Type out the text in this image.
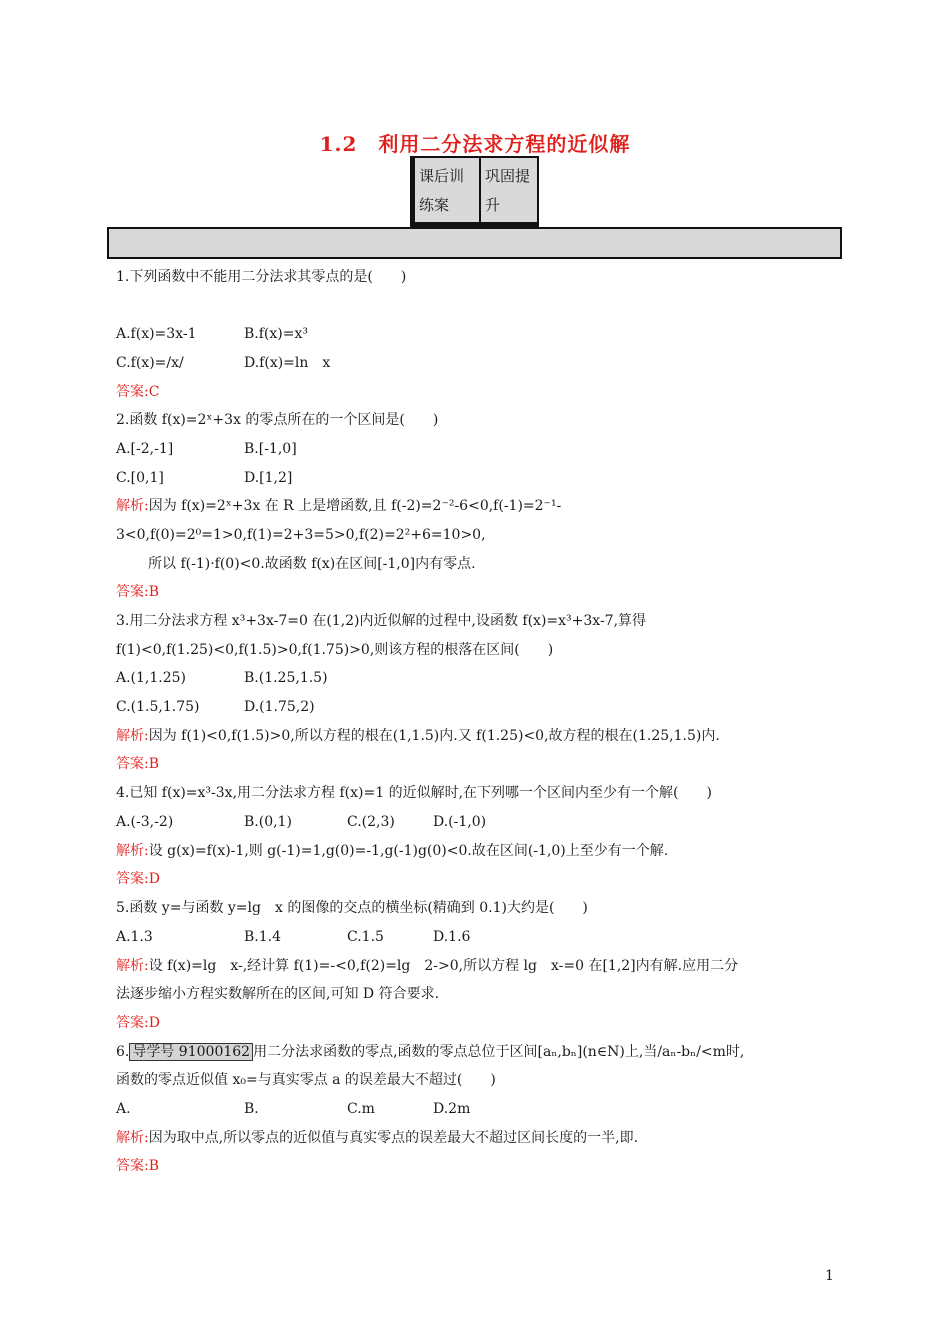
1.2　利用二分法求方程的近似解
课后训
练案
巩固提
升
1.下列函数中不能用二分法求其零点的是(　　)
A.f(x)=3x-1	B.f(x)=x³
C.f(x)=/x/	D.f(x)=ln　x
答案:C
2.函数 f(x)=2ˣ+3x 的零点所在的一个区间是(　　)
A.[-2,-1]	B.[-1,0]
C.[0,1]	D.[1,2]
解析:因为 f(x)=2ˣ+3x 在 R 上是增函数,且 f(-2)=2⁻²-6<0,f(-1)=2⁻¹-
3<0,f(0)=2⁰=1>0,f(1)=2+3=5>0,f(2)=2²+6=10>0,
所以 f(-1)·f(0)<0.故函数 f(x)在区间[-1,0]内有零点.
答案:B
3.用二分法求方程 x³+3x-7=0 在(1,2)内近似解的过程中,设函数 f(x)=x³+3x-7,算得
f(1)<0,f(1.25)<0,f(1.5)>0,f(1.75)>0,则该方程的根落在区间(　　)
A.(1,1.25)	B.(1.25,1.5)
C.(1.5,1.75)	D.(1.75,2)
解析:因为 f(1)<0,f(1.5)>0,所以方程的根在(1,1.5)内.又 f(1.25)<0,故方程的根在(1.25,1.5)内.
答案:B
4.已知 f(x)=x³-3x,用二分法求方程 f(x)=1 的近似解时,在下列哪一个区间内至少有一个解(　　)
A.(-3,-2)	B.(0,1)	C.(2,3)	D.(-1,0)
解析:设 g(x)=f(x)-1,则 g(-1)=1,g(0)=-1,g(-1)g(0)<0.故在区间(-1,0)上至少有一个解.
答案:D
5.函数 y=与函数 y=lg　x 的图像的交点的横坐标(精确到 0.1)大约是(　　)
A.1.3	B.1.4	C.1.5	D.1.6
解析:设 f(x)=lg　x-,经计算 f(1)=-<0,f(2)=lg　2->0,所以方程 lg　x-=0 在[1,2]内有解.应用二分
法逐步缩小方程实数解所在的区间,可知 D 符合要求.
答案:D
6. 导学号 91000162 用二分法求函数的零点,函数的零点总位于区间[aₙ,bₙ](n∈N)上,当/aₙ-bₙ/<m时,
函数的零点近似值 x₀=与真实零点 a 的误差最大不超过(　　)
A.	B.	C.m	D.2m
解析:因为取中点,所以零点的近似值与真实零点的误差最大不超过区间长度的一半,即.
答案:B
1
